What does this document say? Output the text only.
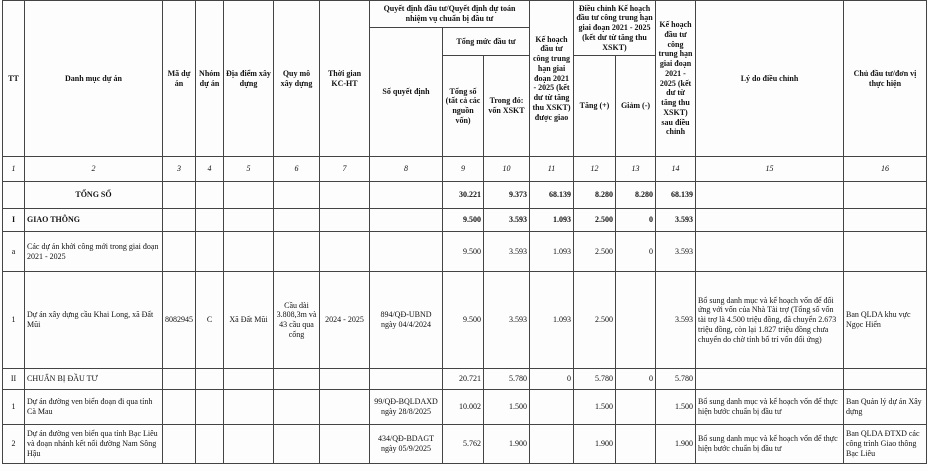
TT	Danh mục dự án	Mã dự án	Nhóm dự án	Địa điểm xây dựng	Quy mô xây dựng	Thời gian KC-HT	Quyết định đầu tư/Quyết định dự toán nhiệm vụ chuẩn bị đầu tư			Kế hoạch đầu tư công trung hạn giai đoạn 2021 - 2025 (kết dư từ tăng thu XSKT) được giao	Điều chỉnh Kế hoạch đầu tư công trung hạn giai đoạn 2021 - 2025 (kết dư từ tăng thu XSKT)		Kế hoạch đầu tư công trung hạn giai đoạn 2021 - 2025 (kết dư từ tăng thu XSKT) sau điều chỉnh	Lý do điều chỉnh	Chủ đầu tư/đơn vị thực hiện
							Số quyết định	Tổng mức đầu tư							
								Tổng số (tất cả các nguồn vốn)	Trong đó: vốn XSKT		Tăng (+)	Giảm (-)			
1	2	3	4	5	6	7	8	9	10	11	12	13	14	15	16
	TỔNG SỐ							30.221	9.373	68.139	8.280	8.280	68.139		
I	GIAO THÔNG							9.500	3.593	1.093	2.500	0	3.593		
a	Các dự án khởi công mới trong giai đoạn 2021 - 2025							9.500	3.593	1.093	2.500	0	3.593		
1	Dự án xây dựng cầu Khai Long, xã Đất Mũi	8082945	C	Xã Đất Mũi	Cầu dài 3.808,3m và 43 cầu qua cống	2024 - 2025	894/QĐ-UBND ngày 04/4/2024	9.500	3.593	1.093	2.500		3.593	Bổ sung danh mục và kế hoạch vốn để đối ứng với vốn của Nhà Tài trợ (Tổng số vốn tài trợ là 4.500 triệu đồng, đã chuyển 2.673 triệu đồng, còn lại 1.827 triệu đồng chưa chuyển do chờ tỉnh bố trí vốn đối ứng)	Ban QLDA khu vực Ngọc Hiển
II	CHUẨN BỊ ĐẦU TƯ							20.721	5.780	0	5.780	0	5.780		
1	Dự án đường ven biển đoạn đi qua tỉnh Cà Mau						99/QĐ-BQLDAXD ngày 28/8/2025	10.002	1.500		1.500		1.500	Bổ sung danh mục và kế hoạch vốn để thực hiện bước chuẩn bị đầu tư	Ban Quản lý dự án Xây dựng
2	Dự án đường ven biển qua tỉnh Bạc Liêu và đoạn nhánh kết nối đường Nam Sông Hậu						434/QĐ-BDAGT ngày 05/9/2025	5.762	1.900		1.900		1.900	Bổ sung danh mục và kế hoạch vốn để thực hiện bước chuẩn bị đầu tư	Ban QLDA ĐTXD các công trình Giao thông Bạc Liêu
